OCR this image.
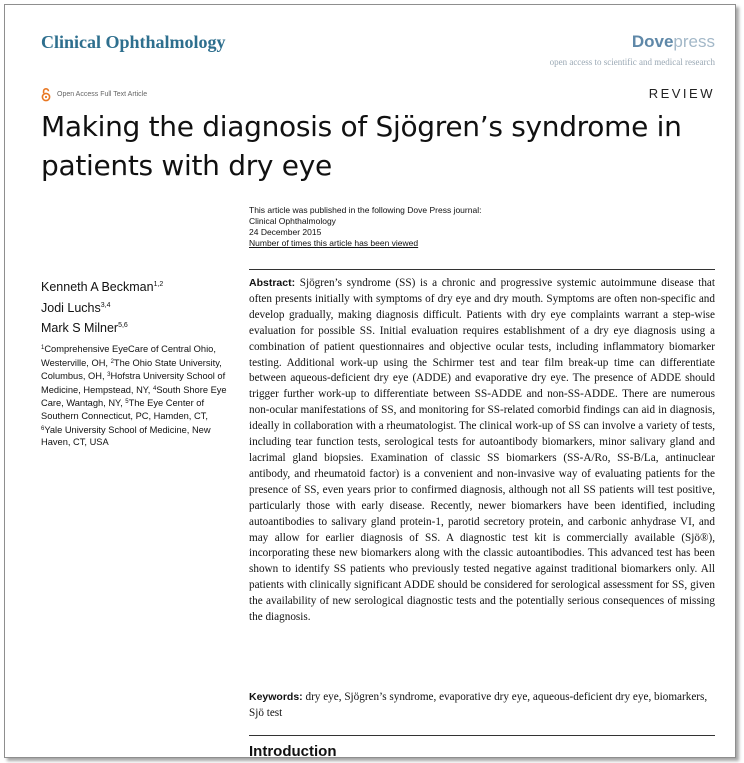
Clinical Ophthalmology	Dovepress
open access to scientific and medical research
Open Access Full Text Article	REVIEW
Making the diagnosis of Sjögren’s syndrome in patients with dry eye
This article was published in the following Dove Press journal:
Clinical Ophthalmology
24 December 2015
Number of times this article has been viewed
Kenneth A Beckman$^{1,2}$
Jodi Luchs$^{3,4}$
Mark S Milner$^{5,6}$
$^1$Comprehensive EyeCare of Central Ohio, Westerville, OH, $^2$The Ohio State University, Columbus, OH, $^3$Hofstra University School of Medicine, Hempstead, NY, $^4$South Shore Eye Care, Wantagh, NY, $^5$The Eye Center of Southern Connecticut, PC, Hamden, CT, $^6$Yale University School of Medicine, New Haven, CT, USA

Abstract: Sjögren’s syndrome (SS) is a chronic and progressive systemic autoimmune disease that often presents initially with symptoms of dry eye and dry mouth. Symptoms are often non-specific and develop gradually, making diagnosis difficult. Patients with dry eye complaints warrant a step-wise evaluation for possible SS. Initial evaluation requires establishment of a dry eye diagnosis using a combination of patient questionnaires and objective ocular tests, including inflammatory biomarker testing. Additional work-up using the Schirmer test and tear film break-up time can differentiate between aqueous-deficient dry eye (ADDE) and evaporative dry eye. The presence of ADDE should trigger further work-up to differentiate between SS-ADDE and non-SS-ADDE. There are numerous non-ocular manifestations of SS, and monitoring for SS-related comorbid findings can aid in diagnosis, ideally in collaboration with a rheumatologist. The clinical work-up of SS can involve a variety of tests, including tear function tests, serological tests for autoantibody biomarkers, minor salivary gland and lacrimal gland biopsies. Examination of classic SS biomarkers (SS-A/Ro, SS-B/La, antinuclear antibody, and rheumatoid factor) is a convenient and non-invasive way of evaluating patients for the presence of SS, even years prior to confirmed diagnosis, although not all SS patients will test positive, particularly those with early disease. Recently, newer biomarkers have been identified, including autoantibodies to salivary gland protein-1, parotid secretory protein, and carbonic anhydrase VI, and may allow for earlier diagnosis of SS. A diagnostic test kit is commercially available (Sjö®), incorporating these new biomarkers along with the classic autoantibodies. This advanced test has been shown to identify SS patients who previously tested negative against traditional biomarkers only. All patients with clinically significant ADDE should be considered for serological assessment for SS, given the availability of new serological diagnostic tests and the potentially serious consequences of missing the diagnosis.

Keywords: dry eye, Sjögren’s syndrome, evaporative dry eye, aqueous-deficient dry eye, biomarkers, Sjö test

Introduction
